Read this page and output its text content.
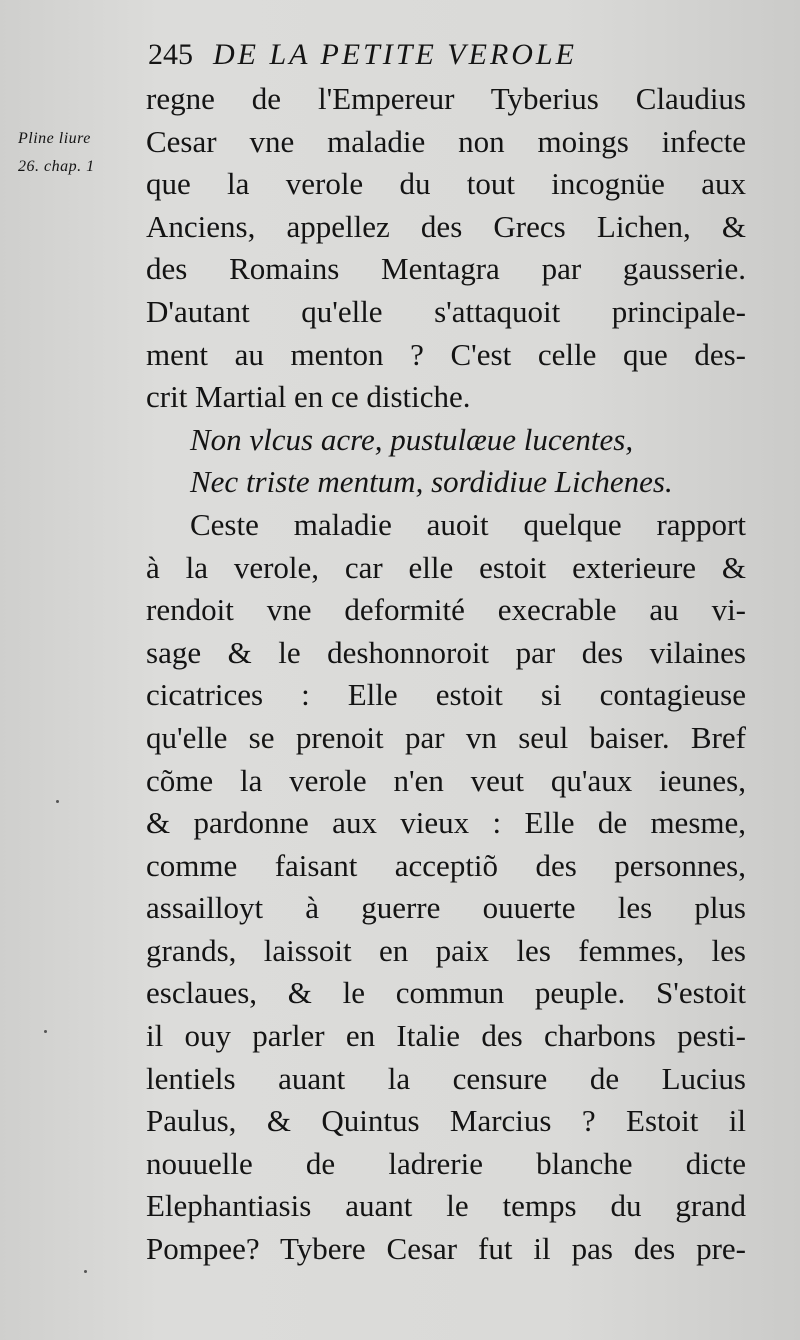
245 DE LA PETITE VEROLE
Pline liure
26. chap. 1
regne de l'Empereur Tyberius Claudius
Cesar vne maladie non moings infecte
que la verole du tout incognüe aux
Anciens, appellez des Grecs Lichen, &
des Romains Mentagra par gausserie.
D'autant qu'elle s'attaquoit principale-
ment au menton ? C'est celle que des-
crit Martial en ce distiche.
Non vlcus acre, pustulæue lucentes,
Nec triste mentum, sordidiue Lichenes.
Ceste maladie auoit quelque rapport
à la verole, car elle estoit exterieure &
rendoit vne deformité execrable au vi-
sage & le deshonnoroit par des vilaines
cicatrices : Elle estoit si contagieuse
qu'elle se prenoit par vn seul baiser. Bref
cõme la verole n'en veut qu'aux ieunes,
& pardonne aux vieux : Elle de mesme,
comme faisant acceptiõ des personnes,
assailloyt à guerre ouuerte les plus
grands, laissoit en paix les femmes, les
esclaues, & le commun peuple. S'estoit
il ouy parler en Italie des charbons pesti-
lentiels auant la censure de Lucius
Paulus, & Quintus Marcius ? Estoit il
nouuelle de ladrerie blanche dicte
Elephantiasis auant le temps du grand
Pompee? Tybere Cesar fut il pas des pre-
